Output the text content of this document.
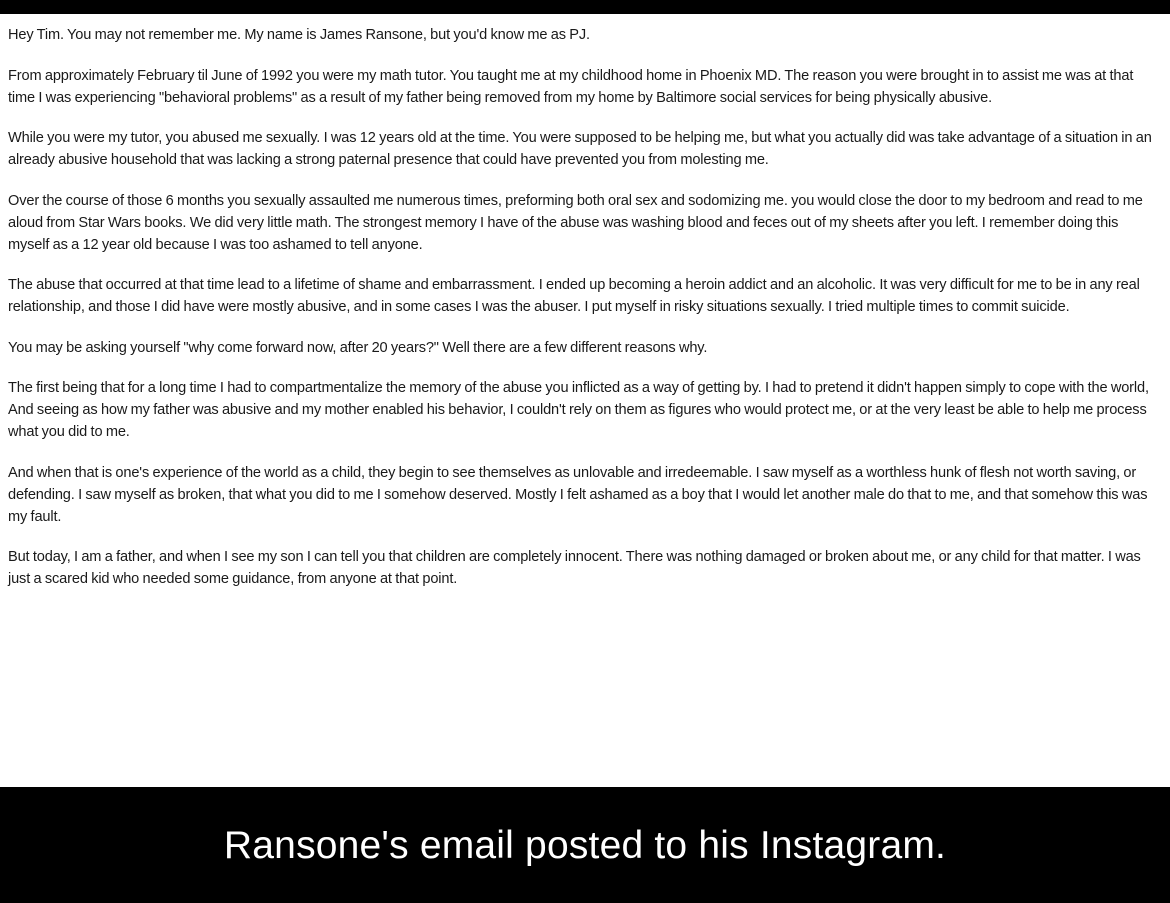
Hey Tim. You may not remember me. My name is James Ransone, but you'd know me as PJ.

From approximately February til June of 1992 you were my math tutor. You taught me at my childhood home in Phoenix MD. The reason you were brought in to assist me was at that time I was experiencing "behavioral problems" as a result of my father being removed from my home by Baltimore social services for being physically abusive.

While you were my tutor, you abused me sexually. I was 12 years old at the time. You were supposed to be helping me, but what you actually did was take advantage of a situation in an already abusive household that was lacking a strong paternal presence that could have prevented you from molesting me.

Over the course of those 6 months you sexually assaulted me numerous times, preforming both oral sex and sodomizing me. you would close the door to my bedroom and read to me aloud from Star Wars books. We did very little math. The strongest memory I have of the abuse was washing blood and feces out of my sheets after you left. I remember doing this myself as a 12 year old because I was too ashamed to tell anyone.

The abuse that occurred at that time lead to a lifetime of shame and embarrassment. I ended up becoming a heroin addict and an alcoholic. It was very difficult for me to be in any real relationship, and those I did have were mostly abusive, and in some cases I was the abuser. I put myself in risky situations sexually. I tried multiple times to commit suicide.

You may be asking yourself "why come forward now, after 20 years?" Well there are a few different reasons why.

The first being that for a long time I had to compartmentalize the memory of the abuse you inflicted as a way of getting by. I had to pretend it didn't happen simply to cope with the world, And seeing as how my father was abusive and my mother enabled his behavior, I couldn't rely on them as figures who would protect me, or at the very least be able to help me process what you did to me.

And when that is one's experience of the world as a child, they begin to see themselves as unlovable and irredeemable. I saw myself as a worthless hunk of flesh not worth saving, or defending. I saw myself as broken, that what you did to me I somehow deserved. Mostly I felt ashamed as a boy that I would let another male do that to me, and that somehow this was my fault.

But today, I am a father, and when I see my son I can tell you that children are completely innocent. There was nothing damaged or broken about me, or any child for that matter. I was just a scared kid who needed some guidance, from anyone at that point.

Ransone's email posted to his Instagram.
